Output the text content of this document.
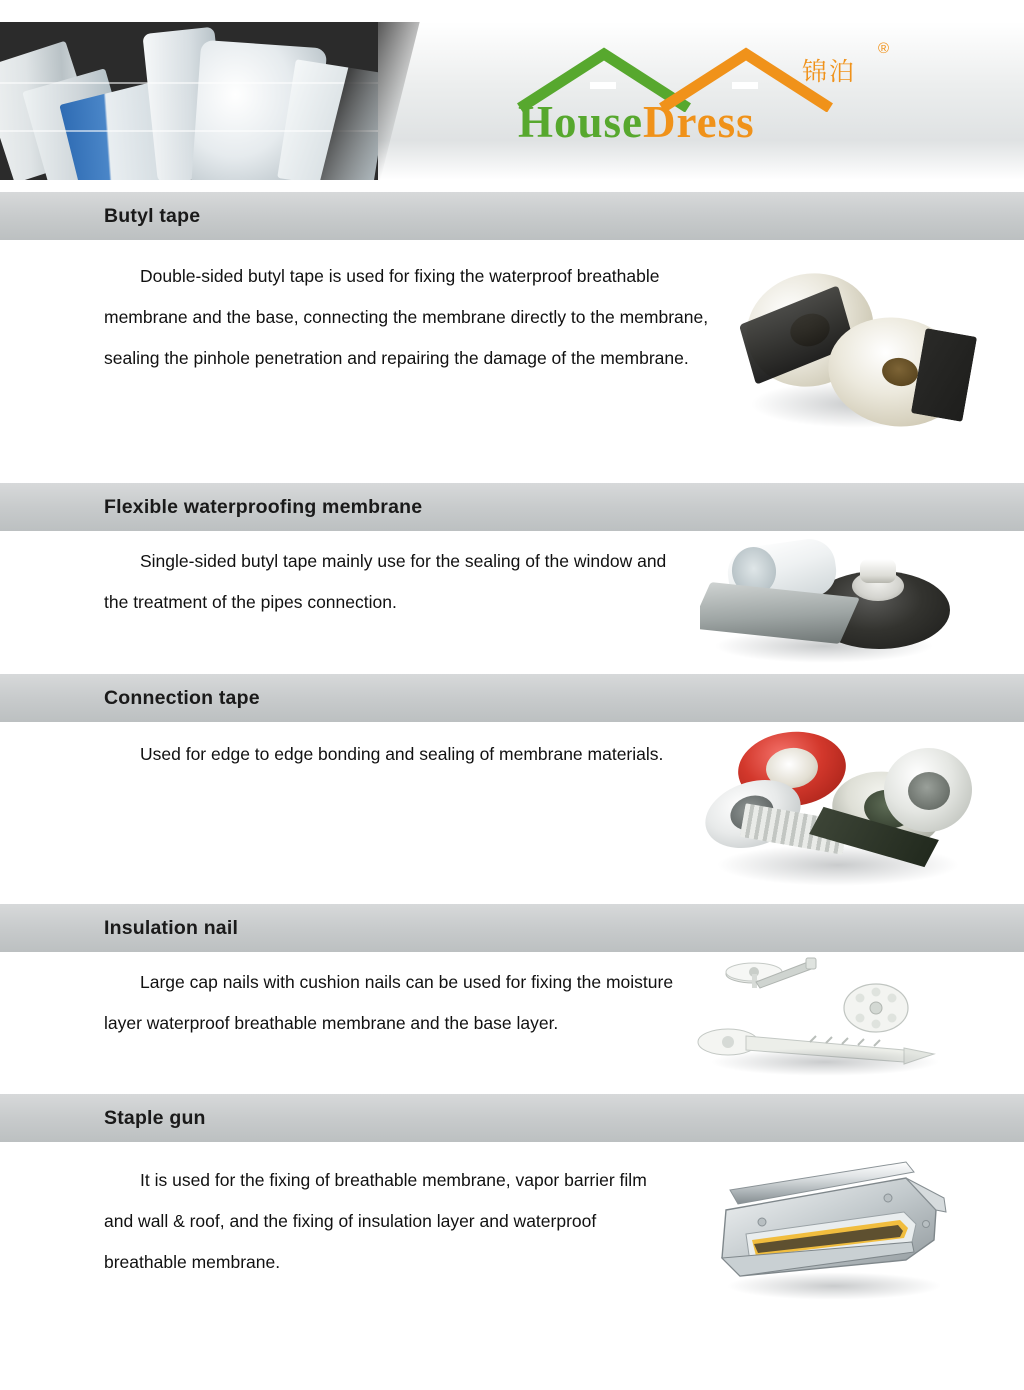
锦泊
®
HouseDress
Butyl tape
Double-sided butyl tape is used for fixing the waterproof breathable membrane and the base, connecting the membrane directly to the membrane, sealing the pinhole penetration and repairing the damage of the membrane.
Flexible waterproofing membrane
Single-sided butyl tape mainly use for the sealing of the window and the treatment of the pipes connection.
Connection tape
Used for edge to edge bonding and sealing of membrane materials.
Insulation nail
Large cap nails with cushion nails can be used for fixing the moisture layer waterproof breathable membrane and the base layer.
Staple gun
It is used for the fixing of breathable membrane, vapor barrier film and wall & roof, and the fixing of insulation layer and waterproof breathable membrane.
